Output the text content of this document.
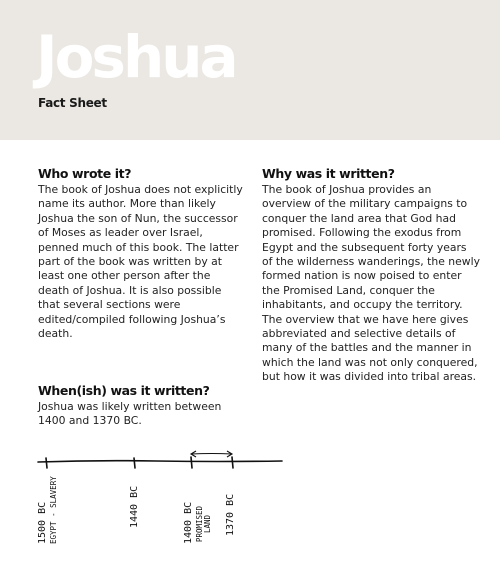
Joshua
Fact Sheet
Who wrote it?

The book of Joshua does not explicitly name its author. More than likely Joshua the son of Nun, the successor of Moses as leader over Israel, penned much of this book. The latter part of the book was written by at least one other person after the death of Joshua. It is also possible that several sections were edited/compiled following Joshua’s death.

Why was it written?

The book of Joshua provides an overview of the military campaigns to conquer the land area that God had promised. Following the exodus from Egypt and the subsequent forty years of the wilderness wanderings, the newly formed nation is now poised to enter the Promised Land, conquer the inhabitants, and occupy the territory. The overview that we have here gives abbreviated and selective details of many of the battles and the manner in which the land was not only conquered, but how it was divided into tribal areas.

When(ish) was it written?

Joshua was likely written between 1400 and 1370 BC.

1500 BC EGYPT - SLAVERY	1440 BC	1400 BC PROMISED LAND 1370 BC
